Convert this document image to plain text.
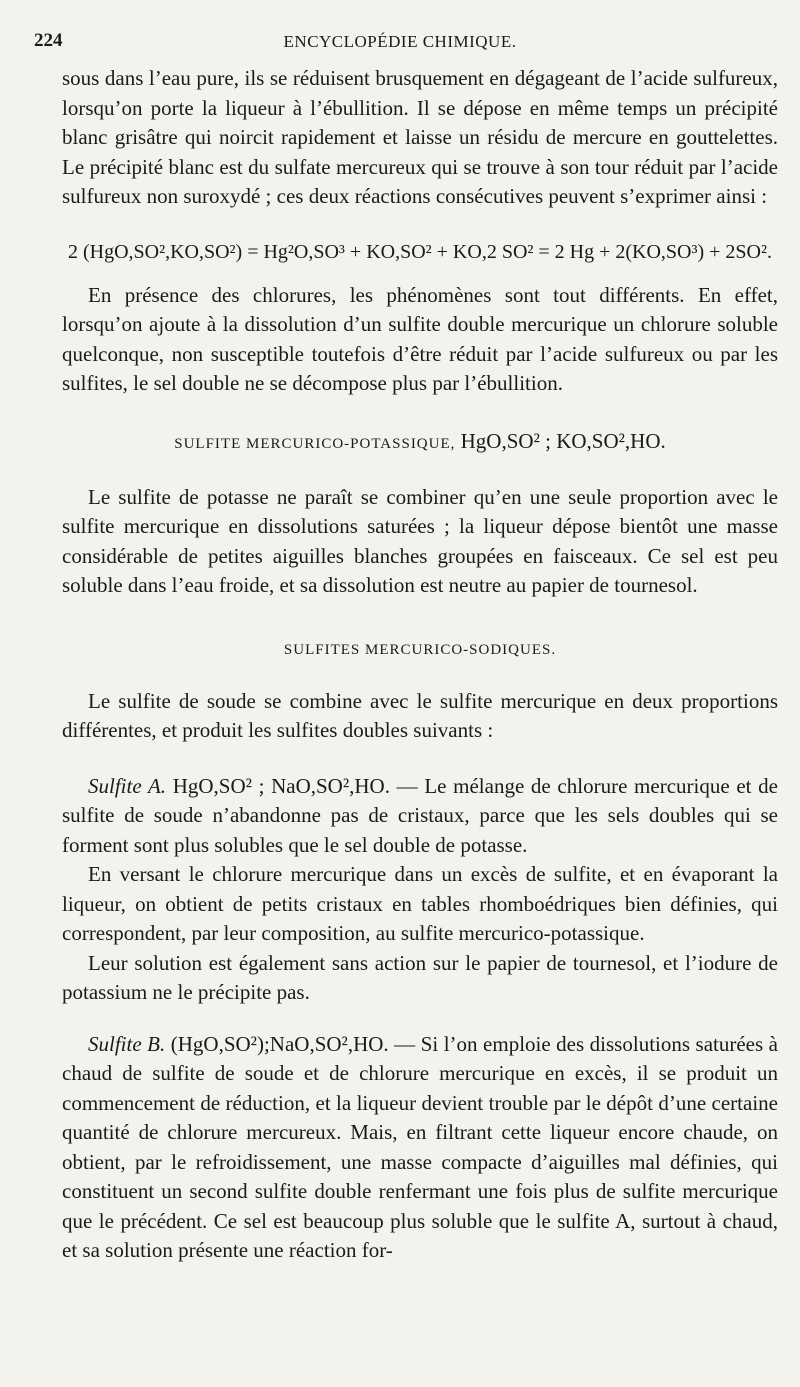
224	ENCYCLOPÉDIE CHIMIQUE.

sous dans l’eau pure, ils se réduisent brusquement en dégageant de l’acide sulfureux, lorsqu’on porte la liqueur à l’ébullition. Il se dépose en même temps un précipité blanc grisâtre qui noircit rapidement et laisse un résidu de mercure en gouttelettes. Le précipité blanc est du sulfate mercureux qui se trouve à son tour réduit par l’acide sulfureux non suroxydé ; ces deux réactions consécutives peuvent s’exprimer ainsi :

2 (HgO,SO²,KO,SO²) = Hg²O,SO³ + KO,SO² + KO,2 SO² = 2 Hg + 2(KO,SO³) + 2SO².

En présence des chlorures, les phénomènes sont tout différents. En effet, lorsqu’on ajoute à la dissolution d’un sulfite double mercurique un chlorure soluble quelconque, non susceptible toutefois d’être réduit par l’acide sulfureux ou par les sulfites, le sel double ne se décompose plus par l’ébullition.

SULFITE MERCURICO-POTASSIQUE, HgO,SO² ; KO,SO²,HO.

Le sulfite de potasse ne paraît se combiner qu’en une seule proportion avec le sulfite mercurique en dissolutions saturées ; la liqueur dépose bientôt une masse considérable de petites aiguilles blanches groupées en faisceaux. Ce sel est peu soluble dans l’eau froide, et sa dissolution est neutre au papier de tournesol.

SULFITES MERCURICO-SODIQUES.

Le sulfite de soude se combine avec le sulfite mercurique en deux proportions différentes, et produit les sulfites doubles suivants :

Sulfite A. HgO,SO² ; NaO,SO²,HO. — Le mélange de chlorure mercurique et de sulfite de soude n’abandonne pas de cristaux, parce que les sels doubles qui se forment sont plus solubles que le sel double de potasse.

En versant le chlorure mercurique dans un excès de sulfite, et en évaporant la liqueur, on obtient de petits cristaux en tables rhomboédriques bien définies, qui correspondent, par leur composition, au sulfite mercurico-potassique.

Leur solution est également sans action sur le papier de tournesol, et l’iodure de potassium ne le précipite pas.

Sulfite B. (HgO,SO²);NaO,SO²,HO. — Si l’on emploie des dissolutions saturées à chaud de sulfite de soude et de chlorure mercurique en excès, il se produit un commencement de réduction, et la liqueur devient trouble par le dépôt d’une certaine quantité de chlorure mercureux. Mais, en filtrant cette liqueur encore chaude, on obtient, par le refroidissement, une masse compacte d’aiguilles mal définies, qui constituent un second sulfite double renfermant une fois plus de sulfite mercurique que le précédent. Ce sel est beaucoup plus soluble que le sulfite A, surtout à chaud, et sa solution présente une réaction for-
